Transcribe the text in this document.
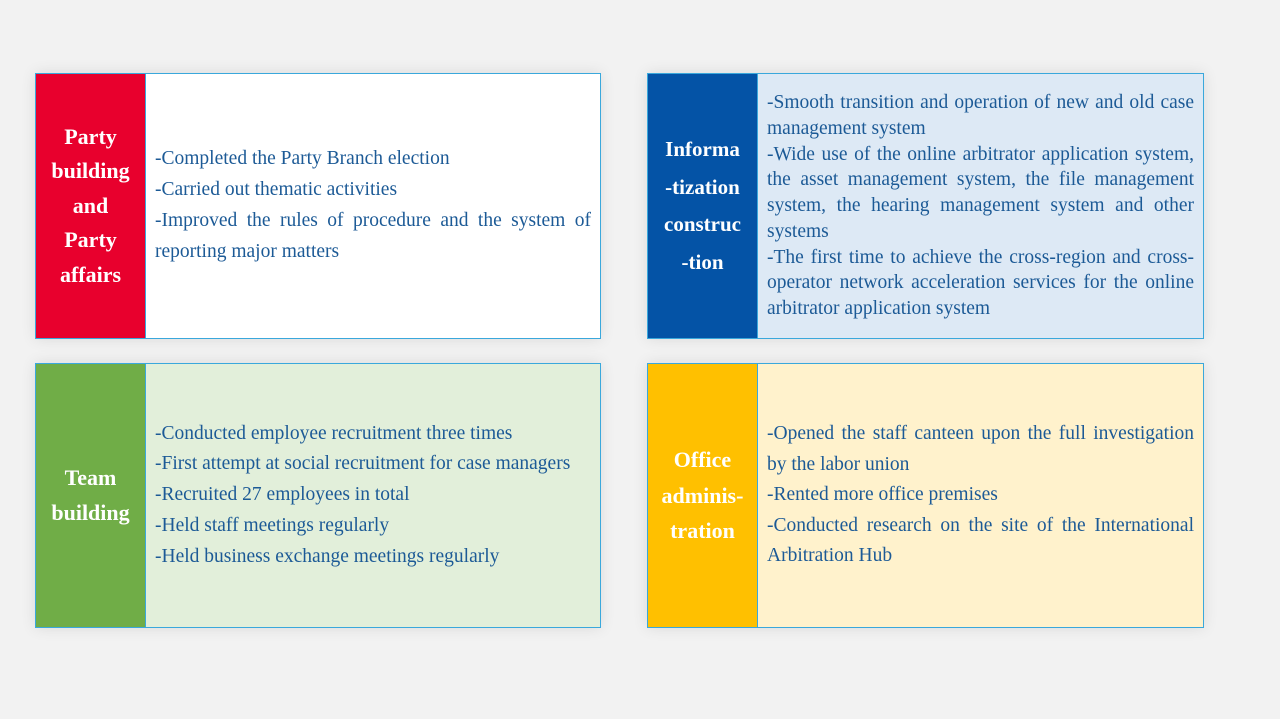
Party
building
and
Party
affairs

-Completed the Party Branch election

-Carried out thematic activities

-Improved the rules of procedure and the system of reporting major matters

Informa
-tization
construc
-tion

-Smooth transition and operation of new and old case management system

-Wide use of the online arbitrator application system, the asset management system, the file management system, the hearing management system and other systems

-The first time to achieve the cross-region and cross-operator network acceleration services for the online arbitrator application system

Team
building

-Conducted employee recruitment three times

-First attempt at social recruitment for case managers

-Recruited 27 employees in total

-Held staff meetings regularly

-Held business exchange meetings regularly

Office
adminis-
tration

-Opened the staff canteen upon the full investigation by the labor union

-Rented more office premises

-Conducted research on the site of the International Arbitration Hub
